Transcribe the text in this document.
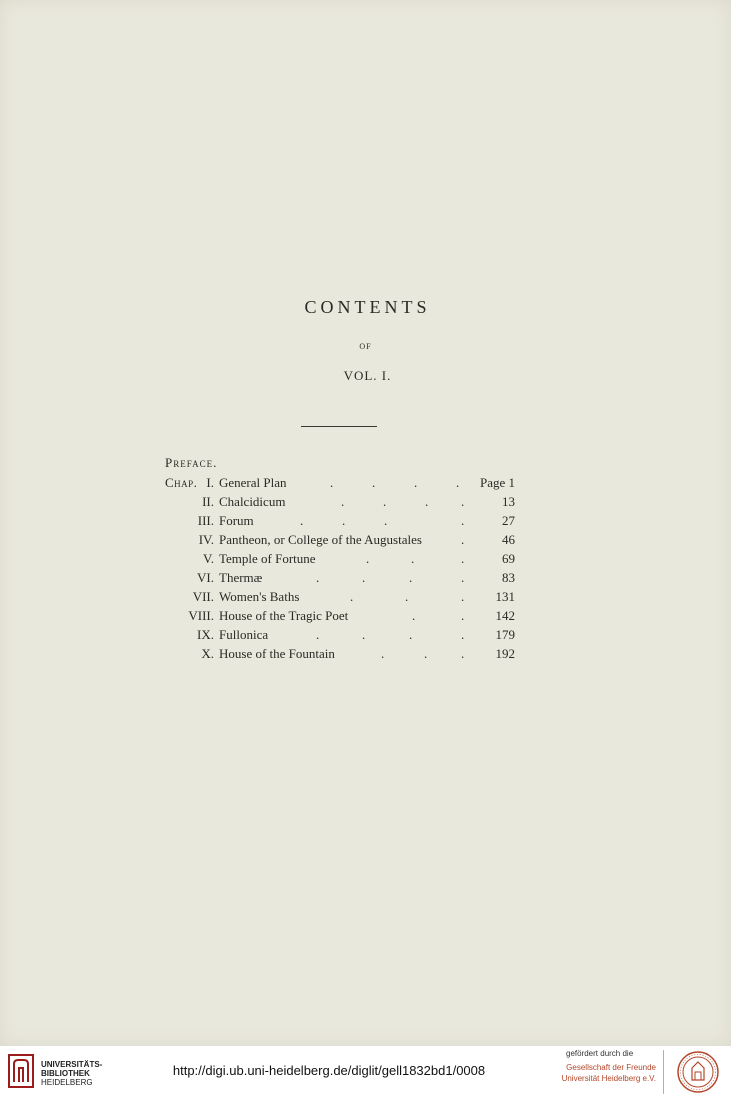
CONTENTS
OF
VOL. I.
Preface.
Chap. I. General Plan	.	.	.	. Page 1
II. Chalcidicum	.	.	.	.	13
III. Forum	.	.	.	.	27
IV. Pantheon, or College of the Augustales	.	46
V. Temple of Fortune	.	.	.	69
VI. Thermæ	.	.	.	.	83
VII. Women's Baths	.	.	. 131
VIII. House of the Tragic Poet	.	. 142
IX. Fullonica	.	.	.	. 179
X. House of the Fountain	.	.	. 192
UNIVERSITÄTS-
BIBLIOTHEK
HEIDELBERG
http://digi.ub.uni-heidelberg.de/diglit/gell1832bd1/0008
gefördert durch die
Gesellschaft der Freunde
Universität Heidelberg e.V.
